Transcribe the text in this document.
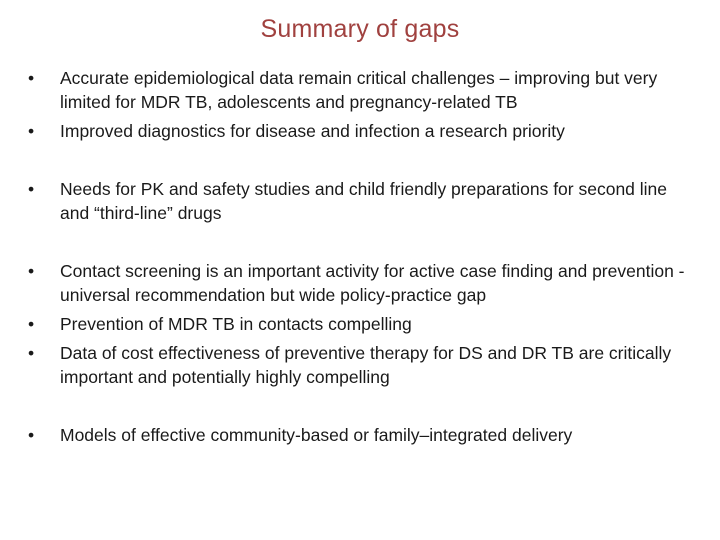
Summary of gaps
•	Accurate epidemiological data remain critical challenges – improving but very limited for MDR TB, adolescents and pregnancy-related TB
•	Improved diagnostics for disease and infection a research priority
•	Needs for PK and safety studies and child friendly preparations for second line and “third-line” drugs
•	Contact screening is an important activity for active case finding and prevention - universal recommendation but wide policy-practice gap
•	Prevention of MDR TB in contacts compelling
•	Data of cost effectiveness of preventive therapy for DS and DR TB are critically important and potentially highly compelling
•	Models of effective community-based or family–integrated delivery
